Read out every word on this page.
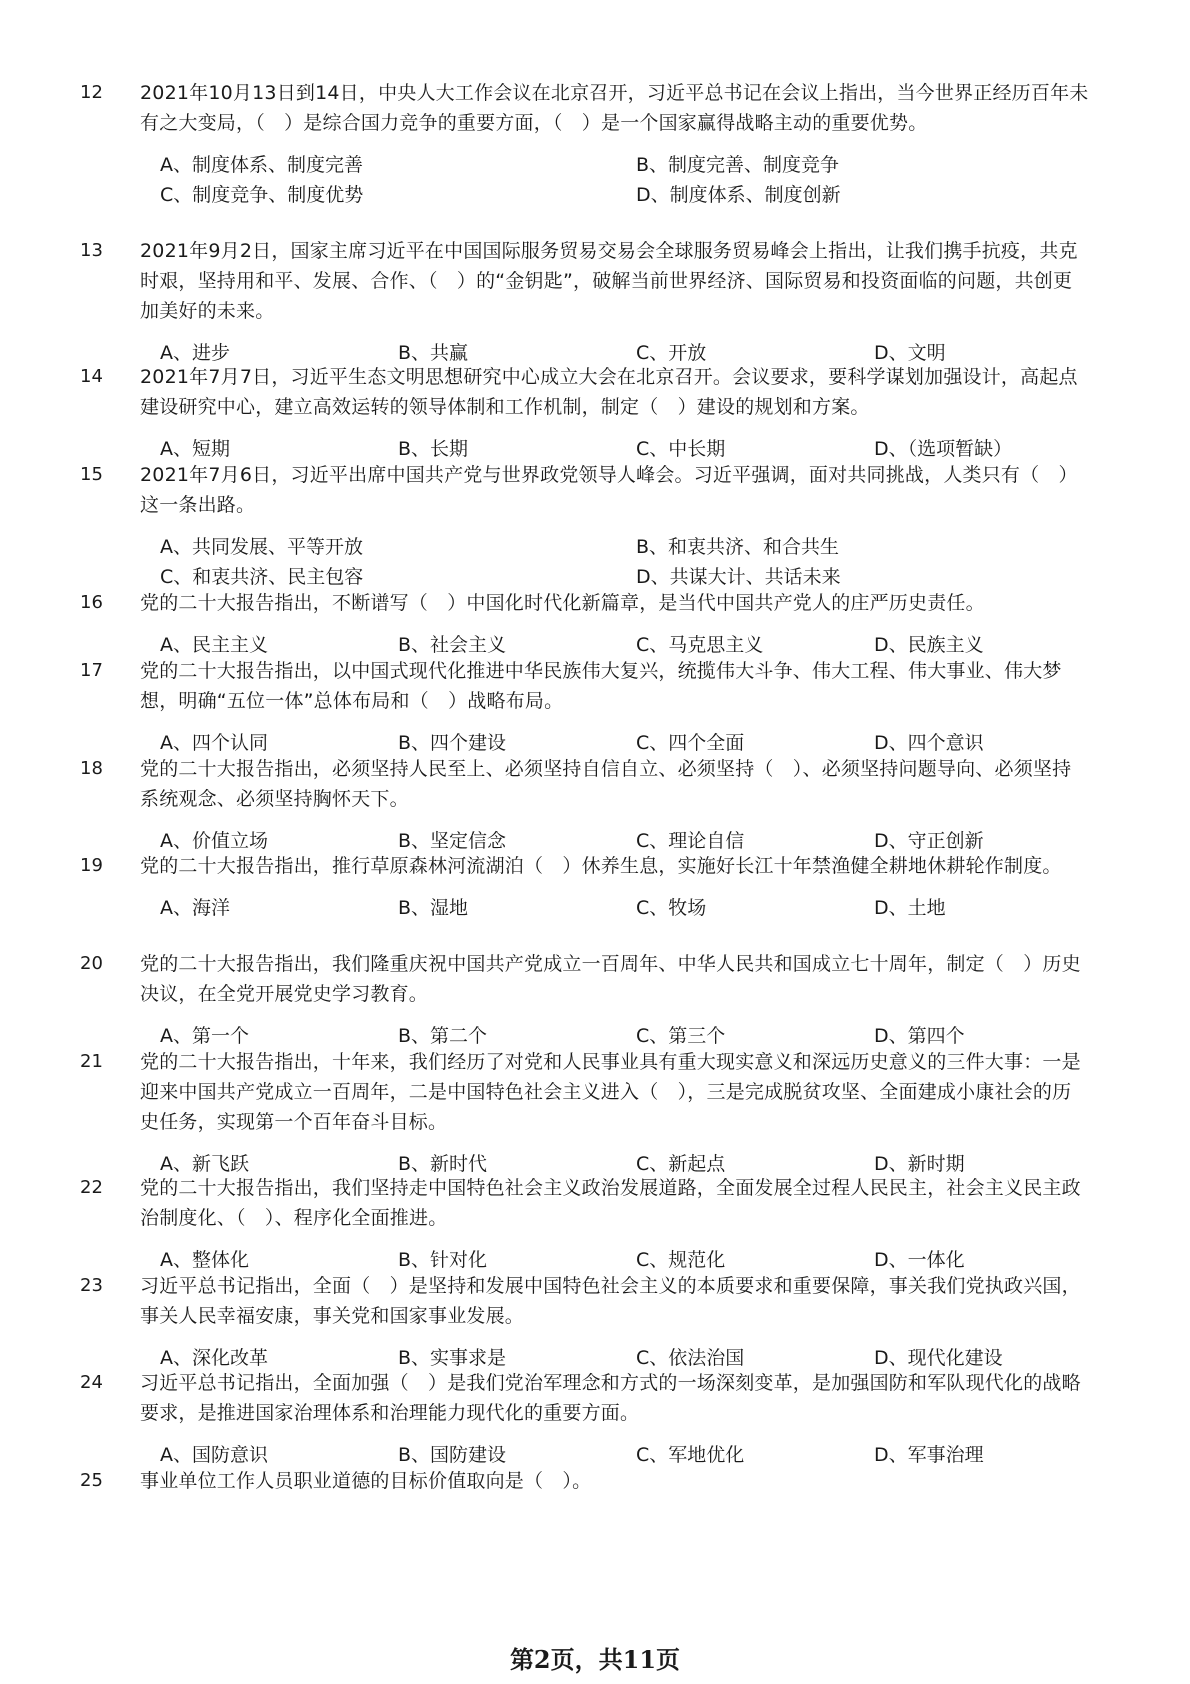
12	2021年10月13日到14日，中央人大工作会议在北京召开，习近平总书记在会议上指出，当今世界正经历百年未有之大变局，（　）是综合国力竞争的重要方面，（　）是一个国家赢得战略主动的重要优势。
A、制度体系、制度完善	B、制度完善、制度竞争
C、制度竞争、制度优势	D、制度体系、制度创新
13	2021年9月2日，国家主席习近平在中国国际服务贸易交易会全球服务贸易峰会上指出，让我们携手抗疫，共克时艰，坚持用和平、发展、合作、（　）的“金钥匙”，破解当前世界经济、国际贸易和投资面临的问题，共创更加美好的未来。
A、进步	B、共赢	C、开放	D、文明
14	2021年7月7日，习近平生态文明思想研究中心成立大会在北京召开。会议要求，要科学谋划加强设计，高起点建设研究中心，建立高效运转的领导体制和工作机制，制定（　）建设的规划和方案。
A、短期	B、长期	C、中长期	D、（选项暂缺）
15	2021年7月6日，习近平出席中国共产党与世界政党领导人峰会。习近平强调，面对共同挑战，人类只有（　）这一条出路。
A、共同发展、平等开放	B、和衷共济、和合共生
C、和衷共济、民主包容	D、共谋大计、共话未来
16	党的二十大报告指出，不断谱写（　）中国化时代化新篇章，是当代中国共产党人的庄严历史责任。
A、民主主义	B、社会主义	C、马克思主义	D、民族主义
17	党的二十大报告指出，以中国式现代化推进中华民族伟大复兴，统揽伟大斗争、伟大工程、伟大事业、伟大梦想，明确“五位一体”总体布局和（　）战略布局。
A、四个认同	B、四个建设	C、四个全面	D、四个意识
18	党的二十大报告指出，必须坚持人民至上、必须坚持自信自立、必须坚持（　）、必须坚持问题导向、必须坚持系统观念、必须坚持胸怀天下。
A、价值立场	B、坚定信念	C、理论自信	D、守正创新
19	党的二十大报告指出，推行草原森林河流湖泊（　）休养生息，实施好长江十年禁渔健全耕地休耕轮作制度。
A、海洋	B、湿地	C、牧场	D、土地
20	党的二十大报告指出，我们隆重庆祝中国共产党成立一百周年、中华人民共和国成立七十周年，制定（　）历史决议，在全党开展党史学习教育。
A、第一个	B、第二个	C、第三个	D、第四个
21	党的二十大报告指出，十年来，我们经历了对党和人民事业具有重大现实意义和深远历史意义的三件大事：一是迎来中国共产党成立一百周年，二是中国特色社会主义进入（　），三是完成脱贫攻坚、全面建成小康社会的历史任务，实现第一个百年奋斗目标。
A、新飞跃	B、新时代	C、新起点	D、新时期
22	党的二十大报告指出，我们坚持走中国特色社会主义政治发展道路，全面发展全过程人民民主，社会主义民主政治制度化、（　）、程序化全面推进。
A、整体化	B、针对化	C、规范化	D、一体化
23	习近平总书记指出，全面（　）是坚持和发展中国特色社会主义的本质要求和重要保障，事关我们党执政兴国，事关人民幸福安康，事关党和国家事业发展。
A、深化改革	B、实事求是	C、依法治国	D、现代化建设
24	习近平总书记指出，全面加强（　）是我们党治军理念和方式的一场深刻变革，是加强国防和军队现代化的战略要求，是推进国家治理体系和治理能力现代化的重要方面。
A、国防意识	B、国防建设	C、军地优化	D、军事治理
25	事业单位工作人员职业道德的目标价值取向是（　）。
第2页，共11页
